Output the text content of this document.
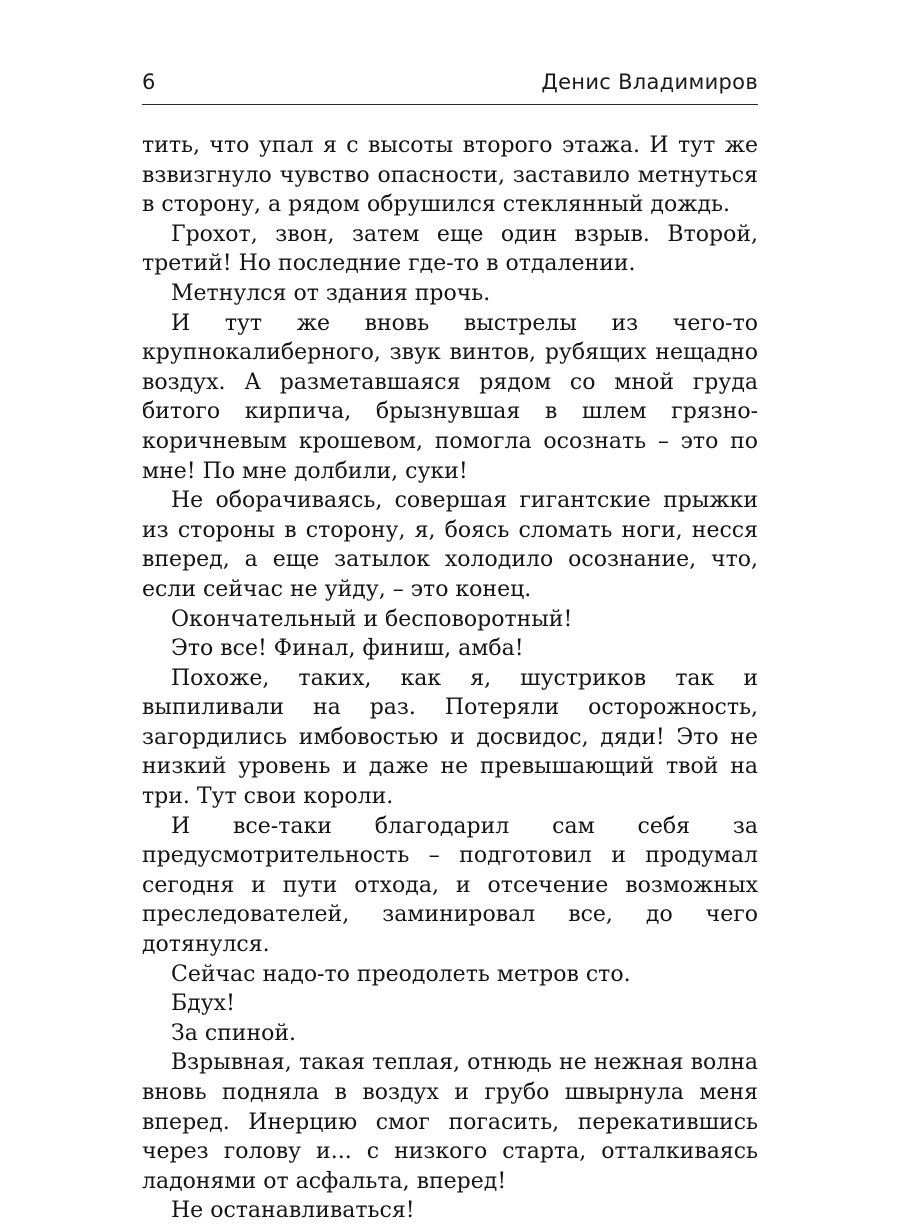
6	Денис Владимиров

тить, что упал я с высоты второго этажа. И тут же взвизгнуло чувство опасности, заставило метнуться в сторону, а рядом обрушился стеклянный дождь.

Грохот, звон, затем еще один взрыв. Второй, третий! Но последние где-то в отдалении.

Метнулся от здания прочь.

И тут же вновь выстрелы из чего-то крупнокалиберного, звук винтов, рубящих нещадно воздух. А разметавшаяся рядом со мной груда битого кирпича, брызнувшая в шлем грязно-коричневым крошевом, помогла осознать – это по мне! По мне долбили, суки!

Не оборачиваясь, совершая гигантские прыжки из стороны в сторону, я, боясь сломать ноги, несся вперед, а еще затылок холодило осознание, что, если сейчас не уйду, – это конец.

Окончательный и бесповоротный!

Это все! Финал, финиш, амба!

Похоже, таких, как я, шустриков так и выпиливали на раз. Потеряли осторожность, загордились имбовостью и досвидос, дяди! Это не низкий уровень и даже не превышающий твой на три. Тут свои короли.

И все-таки благодарил сам себя за предусмотрительность – подготовил и продумал сегодня и пути отхода, и отсечение возможных преследователей, заминировал все, до чего дотянулся.

Сейчас надо-то преодолеть метров сто.

Бдух!

За спиной.

Взрывная, такая теплая, отнюдь не нежная волна вновь подняла в воздух и грубо швырнула меня вперед. Инерцию смог погасить, перекатившись через голову и... с низкого старта, отталкиваясь ладонями от асфальта, вперед!

Не останавливаться!
